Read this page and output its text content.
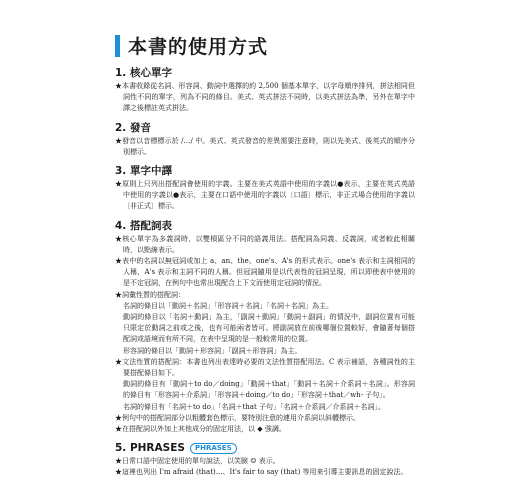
本書的使用方式
1. 核心單字
★本書收錄從名詞、形容詞、動詞中選擇的約 2,500 個基本單字，以字母順序排列，拼法相同但詞性不同的單字，列為不同的條目。美式、英式拼法不同時，以美式拼法為準，另外在單字中譯之後標註英式拼法。
2. 發音
★發音以音標標示於 /…/ 中。美式、英式發音的差異需要注意時，則以先美式、後英式的順序分別標示。
3. 單字中譯
★原則上只列出搭配詞會使用的字義。主要在美式英語中使用的字義以●表示，主要在英式英語中使用的字義以●表示，主要在口語中使用的字義以〔口語〕標示，非正式場合使用的字義以〔非正式〕標示。
4. 搭配詞表
★核心單字為多義詞時，以雙槓區分不同的語義用法。搭配詞為同義、反義詞，或者較此相關時，以點線表示。
★表中的名詞以無冠詞或加上 a、an、the、one's、A's 的形式表示。one's 表示和主詞相同的人稱，A's 表示和主詞不同的人稱。但冠詞隨用是以代表性的冠詞呈現，所以即使表中使用的是不定冠詞，在例句中也常出現配合上下文而使用定冠詞的情況。
★詞彙性質的搭配詞：
名詞的條目以「動詞＋名詞」「形容詞＋名詞」「名詞＋名詞」為主。
動詞的條目以「名詞＋動詞」為主，「副詞＋動詞」「動詞＋副詞」的情況中，副詞位置有可能只限定於動詞之前或之後，也有可能兩者皆可。將副詞放在前後哪個位置較好，會隨著每個搭配詞或語境而有所不同，在表中呈現的是一般較常用的位置。
形容詞的條目以「動詞＋形容詞」「副詞＋形容詞」為主。
★文法性質的搭配詞：本書也列出表達時必要的文法性質搭配用法。C 表示補語，各種詞性的主要搭配條目如下。
動詞的條目有「動詞＋to do／doing」「動詞＋that」「動詞＋名詞＋介系詞＋名詞」。形容詞的條目有「形容詞＋介系詞」「形容詞＋doing／to do」「形容詞＋that／wh- 子句」。
名詞的條目有「名詞＋to do」「名詞＋that 子句」「名詞＋介系詞／介系詞＋名詞」。
★例句中的搭配詞部分以粗體套色標示，要特別注意的連用介系詞以斜體標示。
★在搭配詞以外加上其他成分的固定用法，以 ◆ 強調。
5. PHRASES	PHRASES
★日常口語中固定使用的單句說法，以笑臉 ☺ 表示。
★這裡也列出 I'm afraid (that)...、It's fair to say (that) 等用來引導主要訊息的固定說法。
